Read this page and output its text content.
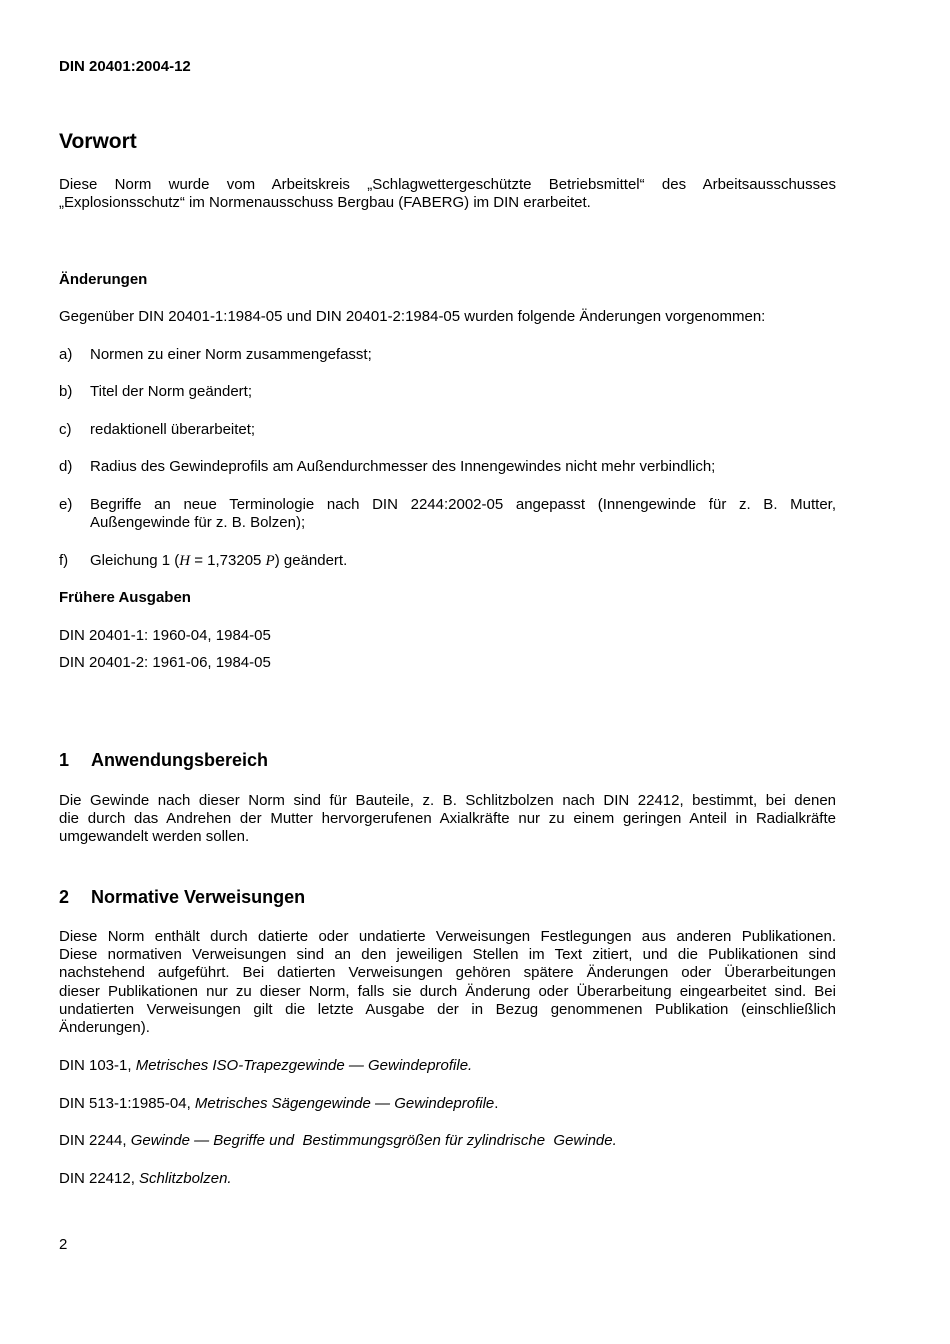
DIN 20401:2004-12
Vorwort
Diese Norm wurde vom Arbeitskreis „Schlagwettergeschützte Betriebsmittel“ des Arbeitsausschusses
„Explosionsschutz“ im Normenausschuss Bergbau (FABERG) im DIN erarbeitet.
Änderungen
Gegenüber DIN 20401-1:1984-05 und DIN 20401-2:1984-05 wurden folgende Änderungen vorgenommen:
a) Normen zu einer Norm zusammengefasst;
b) Titel der Norm geändert;
c) redaktionell überarbeitet;
d) Radius des Gewindeprofils am Außendurchmesser des Innengewindes nicht mehr verbindlich;
e) Begriffe an neue Terminologie nach DIN 2244:2002-05 angepasst (Innengewinde für z. B. Mutter,
Außengewinde für z. B. Bolzen);
f) Gleichung 1 (H = 1,73205 P) geändert.
Frühere Ausgaben
DIN 20401-1: 1960-04, 1984-05
DIN 20401-2: 1961-06, 1984-05
1 Anwendungsbereich
Die Gewinde nach dieser Norm sind für Bauteile, z. B. Schlitzbolzen nach DIN 22412, bestimmt, bei denen
die durch das Andrehen der Mutter hervorgerufenen Axialkräfte nur zu einem geringen Anteil in Radialkräfte
umgewandelt werden sollen.
2 Normative Verweisungen
Diese Norm enthält durch datierte oder undatierte Verweisungen Festlegungen aus anderen Publikationen.
Diese normativen Verweisungen sind an den jeweiligen Stellen im Text zitiert, und die Publikationen sind
nachstehend aufgeführt. Bei datierten Verweisungen gehören spätere Änderungen oder Überarbeitungen
dieser Publikationen nur zu dieser Norm, falls sie durch Änderung oder Überarbeitung eingearbeitet sind. Bei
undatierten Verweisungen gilt die letzte Ausgabe der in Bezug genommenen Publikation (einschließlich
Änderungen).
DIN 103-1, Metrisches ISO-Trapezgewinde — Gewindeprofile.
DIN 513-1:1985-04, Metrisches Sägengewinde — Gewindeprofile.
DIN 2244, Gewinde — Begriffe und  Bestimmungsgrößen für zylindrische  Gewinde.
DIN 22412, Schlitzbolzen.
2
